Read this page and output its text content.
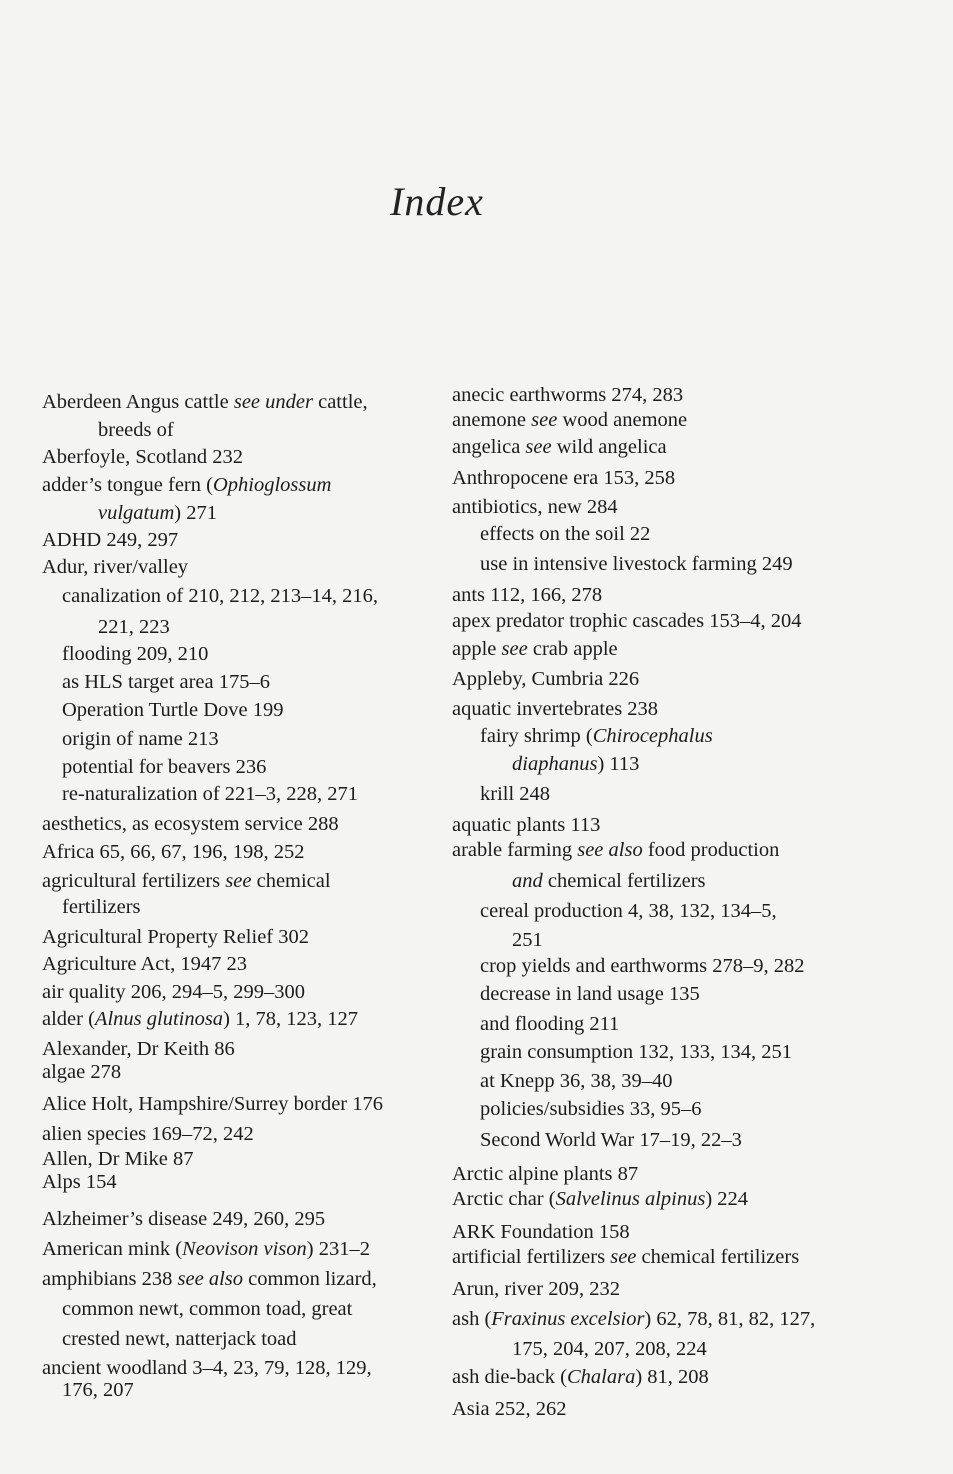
Index
Aberdeen Angus cattle see under cattle,
breeds of
Aberfoyle, Scotland 232
adder’s tongue fern (Ophioglossum
vulgatum) 271
ADHD 249, 297
Adur, river/valley
canalization of 210, 212, 213–14, 216,
221, 223
flooding 209, 210
as HLS target area 175–6
Operation Turtle Dove 199
origin of name 213
potential for beavers 236
re-naturalization of 221–3, 228, 271
aesthetics, as ecosystem service 288
Africa 65, 66, 67, 196, 198, 252
agricultural fertilizers see chemical
fertilizers
Agricultural Property Relief 302
Agriculture Act, 1947 23
air quality 206, 294–5, 299–300
alder (Alnus glutinosa) 1, 78, 123, 127
Alexander, Dr Keith 86
algae 278
Alice Holt, Hampshire/Surrey border 176
alien species 169–72, 242
Allen, Dr Mike 87
Alps 154
Alzheimer’s disease 249, 260, 295
American mink (Neovison vison) 231–2
amphibians 238 see also common lizard,
common newt, common toad, great
crested newt, natterjack toad
ancient woodland 3–4, 23, 79, 128, 129,
176, 207
anecic earthworms 274, 283
anemone see wood anemone
angelica see wild angelica
Anthropocene era 153, 258
antibiotics, new 284
effects on the soil 22
use in intensive livestock farming 249
ants 112, 166, 278
apex predator trophic cascades 153–4, 204
apple see crab apple
Appleby, Cumbria 226
aquatic invertebrates 238
fairy shrimp (Chirocephalus
diaphanus) 113
krill 248
aquatic plants 113
arable farming see also food production
and chemical fertilizers
cereal production 4, 38, 132, 134–5,
251
crop yields and earthworms 278–9, 282
decrease in land usage 135
and flooding 211
grain consumption 132, 133, 134, 251
at Knepp 36, 38, 39–40
policies/subsidies 33, 95–6
Second World War 17–19, 22–3
Arctic alpine plants 87
Arctic char (Salvelinus alpinus) 224
ARK Foundation 158
artificial fertilizers see chemical fertilizers
Arun, river 209, 232
ash (Fraxinus excelsior) 62, 78, 81, 82, 127,
175, 204, 207, 208, 224
ash die-back (Chalara) 81, 208
Asia 252, 262
